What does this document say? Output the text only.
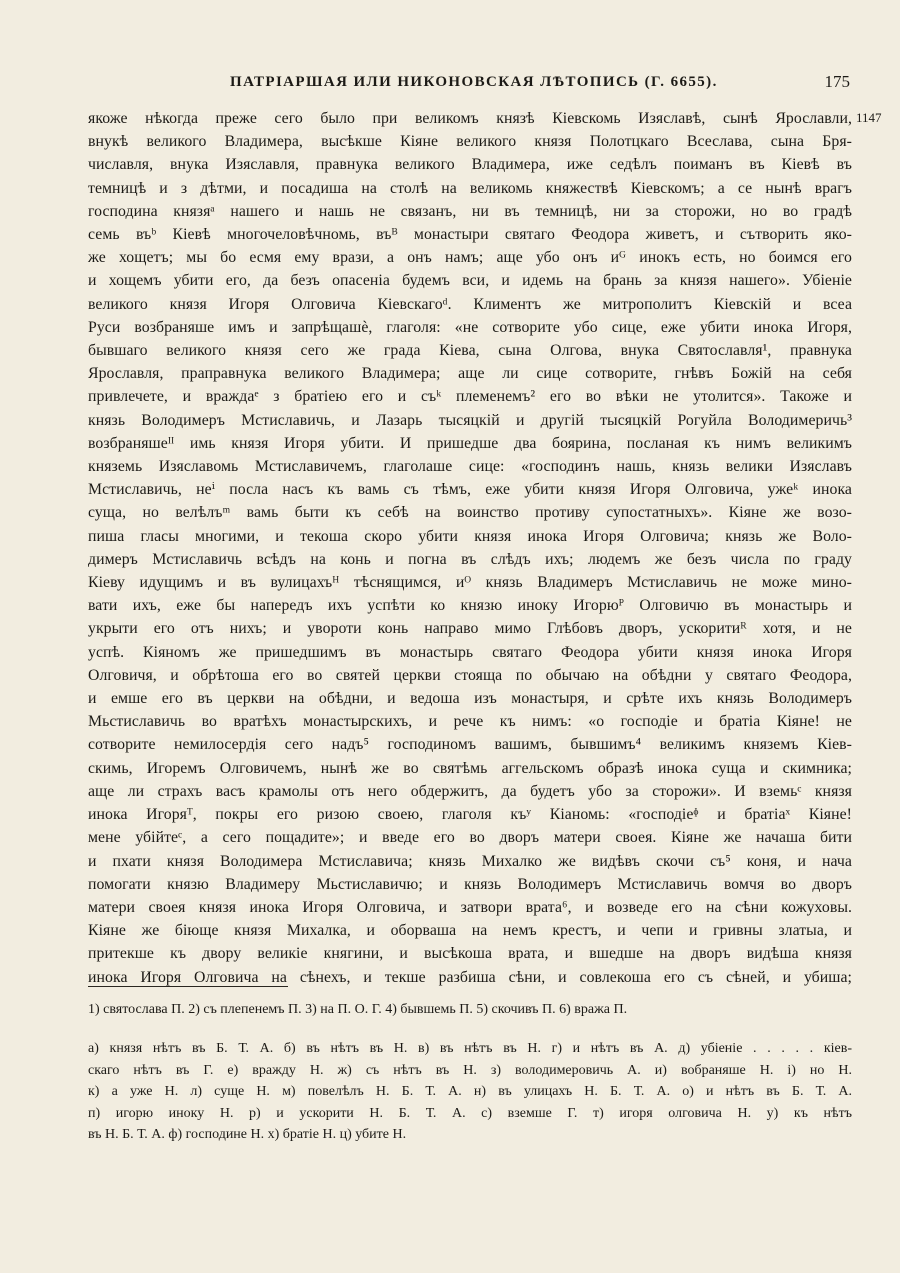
ПАТРІАРШАЯ ИЛИ НИКОНОВСКАЯ ЛѢТОПИСЬ (Г. 6655).	175
1147
якоже нѣкогда преже сего было при великомъ князѣ Кіевскомь Изяславѣ, сынѣ Ярославли,
внукѣ великого Владимера, высѣкше Кіяне великого князя Полотцкаго Всеслава, сына Бря-
числавля, внука Изяславля, правнука великого Владимера, иже седѣлъ поиманъ въ Кіевѣ въ
темницѣ и з дѣтми, и посадиша на столѣ на великомь княжествѣ Кіевскомъ; а се нынѣ врагъ
господина князяᵃ нашего и нашь не связанъ, ни въ темницѣ, ни за сторожи, но во градѣ
семь въᵇ Кіевѣ многочеловѣчномь, въᴮ монастыри святаго Феодора живетъ, и сътворить яко-
же хощетъ; мы бо есмя ему врази, а онъ намъ; аще убо онъ иᴳ инокъ есть, но боимся его
и хощемъ убити его, да безъ опасеніа будемъ вси, и идемь на брань за князя нашего». Убіеніе
великого князя Игоря Олговича Кіевскагоᵈ. Климентъ же митрополитъ Кіевскій и всеа
Руси возбраняше имъ и запрѣщашѐ, глаголя: «не сотворите убо сице, еже убити инока Игоря,
бывшаго великого князя сего же града Кіева, сына Олгова, внука Святославля¹, правнука
Ярославля, праправнука великого Владимера; аще ли сице сотворите, гнѣвъ Божій на себя
привлечете, и враждаᵉ з братіею его и съᵏ племенемъ² его во вѣки не утолится». Такоже и
князь Володимеръ Мстиславичь, и Лазарь тысяцкій и другій тысяцкій Рогуйла Володимеричь³
возбраняшеᴵᴵ имь князя Игоря убити. И пришедше два боярина, посланая къ нимъ великимъ
княземь Изяславомь Мстиславичемъ, глаголаше сице: «господинъ нашь, князь велики Изяславъ
Мстиславичь, неⁱ посла насъ къ вамь съ тѣмъ, еже убити князя Игоря Олговича, ужеᵏ инока
суща, но велѣлъᵐ вамь быти къ себѣ на воинство противу супостатныхъ». Кіяне же возо-
пиша гласы многими, и текоша скоро убити князя инока Игоря Олговича; князь же Воло-
димеръ Мстиславичь всѣдъ на конь и погна въ слѣдъ ихъ; людемъ же безъ числа по граду
Кіеву идущимъ и въ вулицахъᴴ тѣснящимся, иᴼ князь Владимеръ Мстиславичь не може мино-
вати ихъ, еже бы напередъ ихъ успѣти ко князю иноку Игорюᴾ Олговичю въ монастырь и
укрыти его отъ нихъ; и увороти конь направо мимо Глѣбовъ дворъ, ускоритиᴿ хотя, и не
успѣ. Кіяномъ же пришедшимъ въ монастырь святаго Феодора убити князя инока Игоря
Олговичя, и обрѣтоша его во святей церкви стояща по обычаю на обѣдни у святаго Феодора,
и емше его въ церкви на обѣдни, и ведоша изъ монастыря, и срѣте ихъ князь Володимеръ
Мьстиславичь во вратѣхъ монастырскихъ, и рече къ нимъ: «о господіе и братіа Кіяне! не
сотворите немилосердія сего надъ⁵ господиномъ вашимъ, бывшимъ⁴ великимъ княземъ Кіев-
скимь, Игоремъ Олговичемъ, нынѣ же во святѣмь аггельскомъ образѣ инока суща и скимника;
аще ли страхъ васъ крамолы отъ него обдержитъ, да будетъ убо за сторожи». И вземьᶜ князя
инока Игоряᵀ, покры его ризою своею, глаголя къʸ Кіаномь: «господіеᶲ и братіаˣ Кіяне!
мене убійтеᶜ, а сего пощадите»; и введе его во дворъ матери своея. Кіяне же начаша бити
и пхати князя Володимера Мстиславича; князь Михалко же видѣвъ скочи съ⁵ коня, и нача
помогати князю Владимеру Мьстиславичю; и князь Володимеръ Мстиславичь вомчя во дворъ
матери своея князя инока Игоря Олговича, и затвори врата⁶, и возведе его на сѣни кожуховы.
Кіяне же біюще князя Михалка, и оборваша на немъ крестъ, и чепи и гривны златыа, и
притекше къ двору великіе княгини, и высѣкоша врата, и вшедше на дворъ видѣша князя
инока Игоря Олговича на сѣнехъ, и текше разбиша сѣни, и совлекоша его съ сѣней, и убиша;
1) святослава П. 2) съ плепенемъ П. 3) на П. О. Г. 4) бывшемь П. 5) скочивъ П. 6) вража П.
а) князя нѣтъ въ Б. Т. А. б) въ нѣтъ въ Н. в) въ нѣтъ въ Н. г) и нѣтъ въ А. д) убіеніе . . . . . кіев-
скаго нѣтъ въ Г. е) вражду Н. ж) съ нѣтъ въ Н. з) володимеровичь А. и) вобраняше Н. і) но Н.
к) а уже Н. л) суще Н. м) повелѣлъ Н. Б. Т. А. н) въ улицахъ Н. Б. Т. А. о) и нѣтъ въ Б. Т. А.
п) игорю иноку Н. р) и ускорити Н. Б. Т. А. с) вземше Г. т) игоря олговича Н. у) къ нѣтъ
въ Н. Б. Т. А. ф) господине Н. х) братіе Н. ц) убите Н.
